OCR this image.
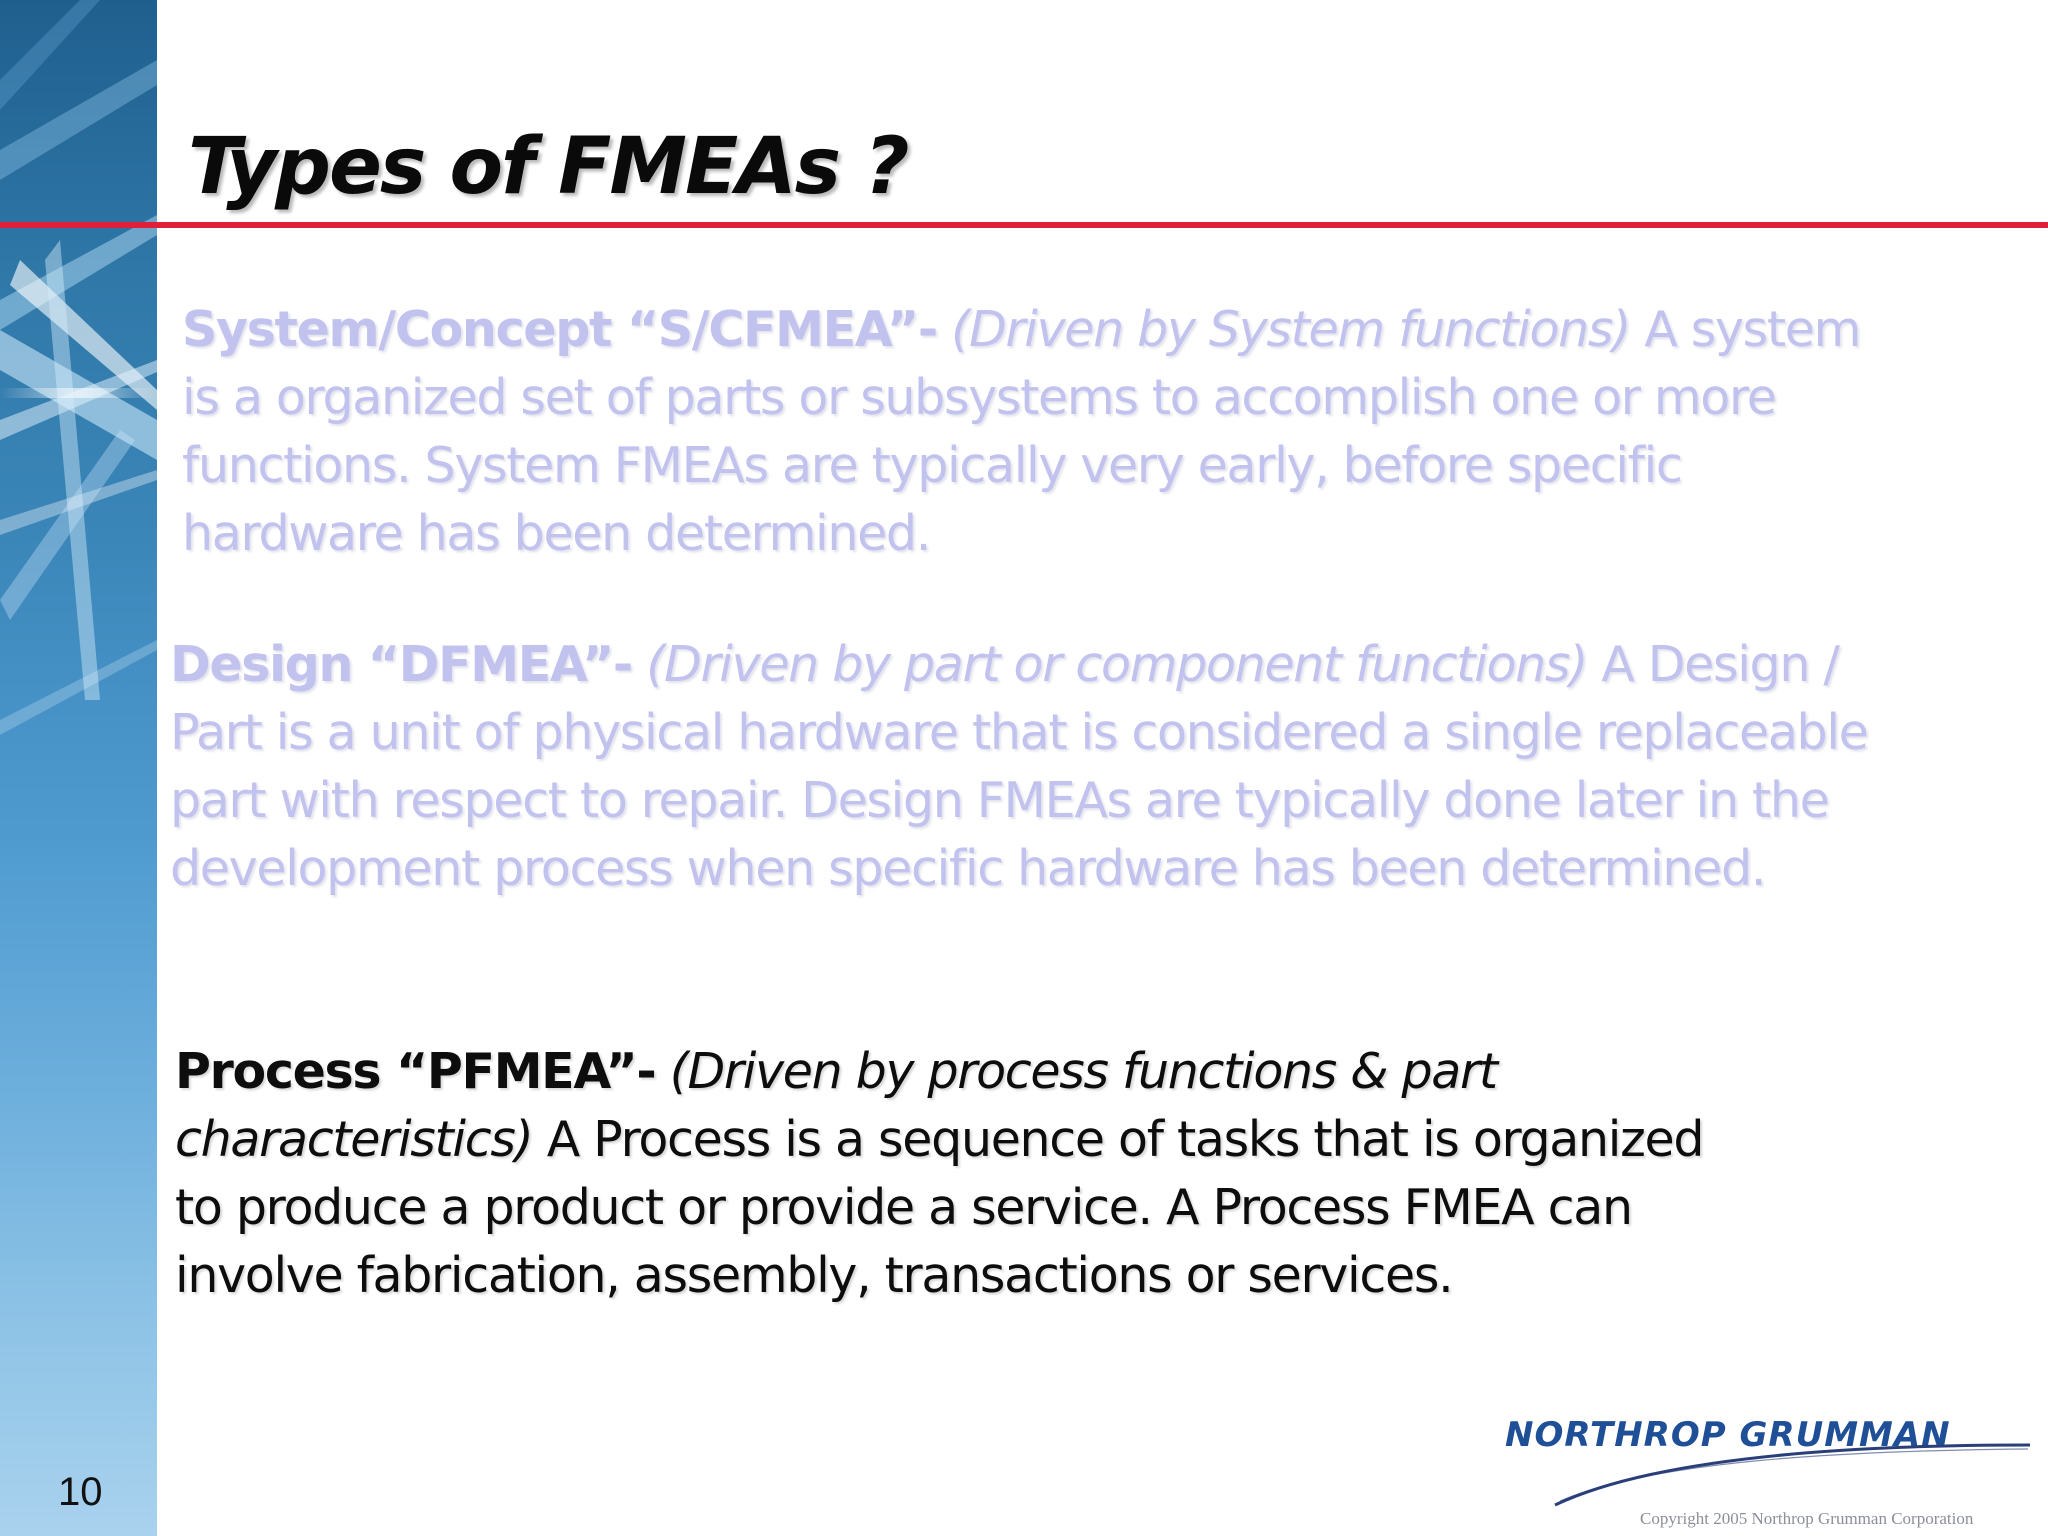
10
Types of FMEAs ?

System/Concept “S/CFMEA”- (Driven by System functions) A system is a organized set of parts or subsystems to accomplish one or more functions. System FMEAs are typically very early, before specific hardware has been determined.

Design “DFMEA”- (Driven by part or component functions) A Design / Part is a unit of physical hardware that is considered a single replaceable part with respect to repair. Design FMEAs are typically done later in the development process when specific hardware has been determined.

Process “PFMEA”- (Driven by process functions & part characteristics) A Process is a sequence of tasks that is organized to produce a product or provide a service. A Process FMEA can involve fabrication, assembly, transactions or services.

NORTHROP GRUMMAN
Copyright 2005 Northrop Grumman Corporation
